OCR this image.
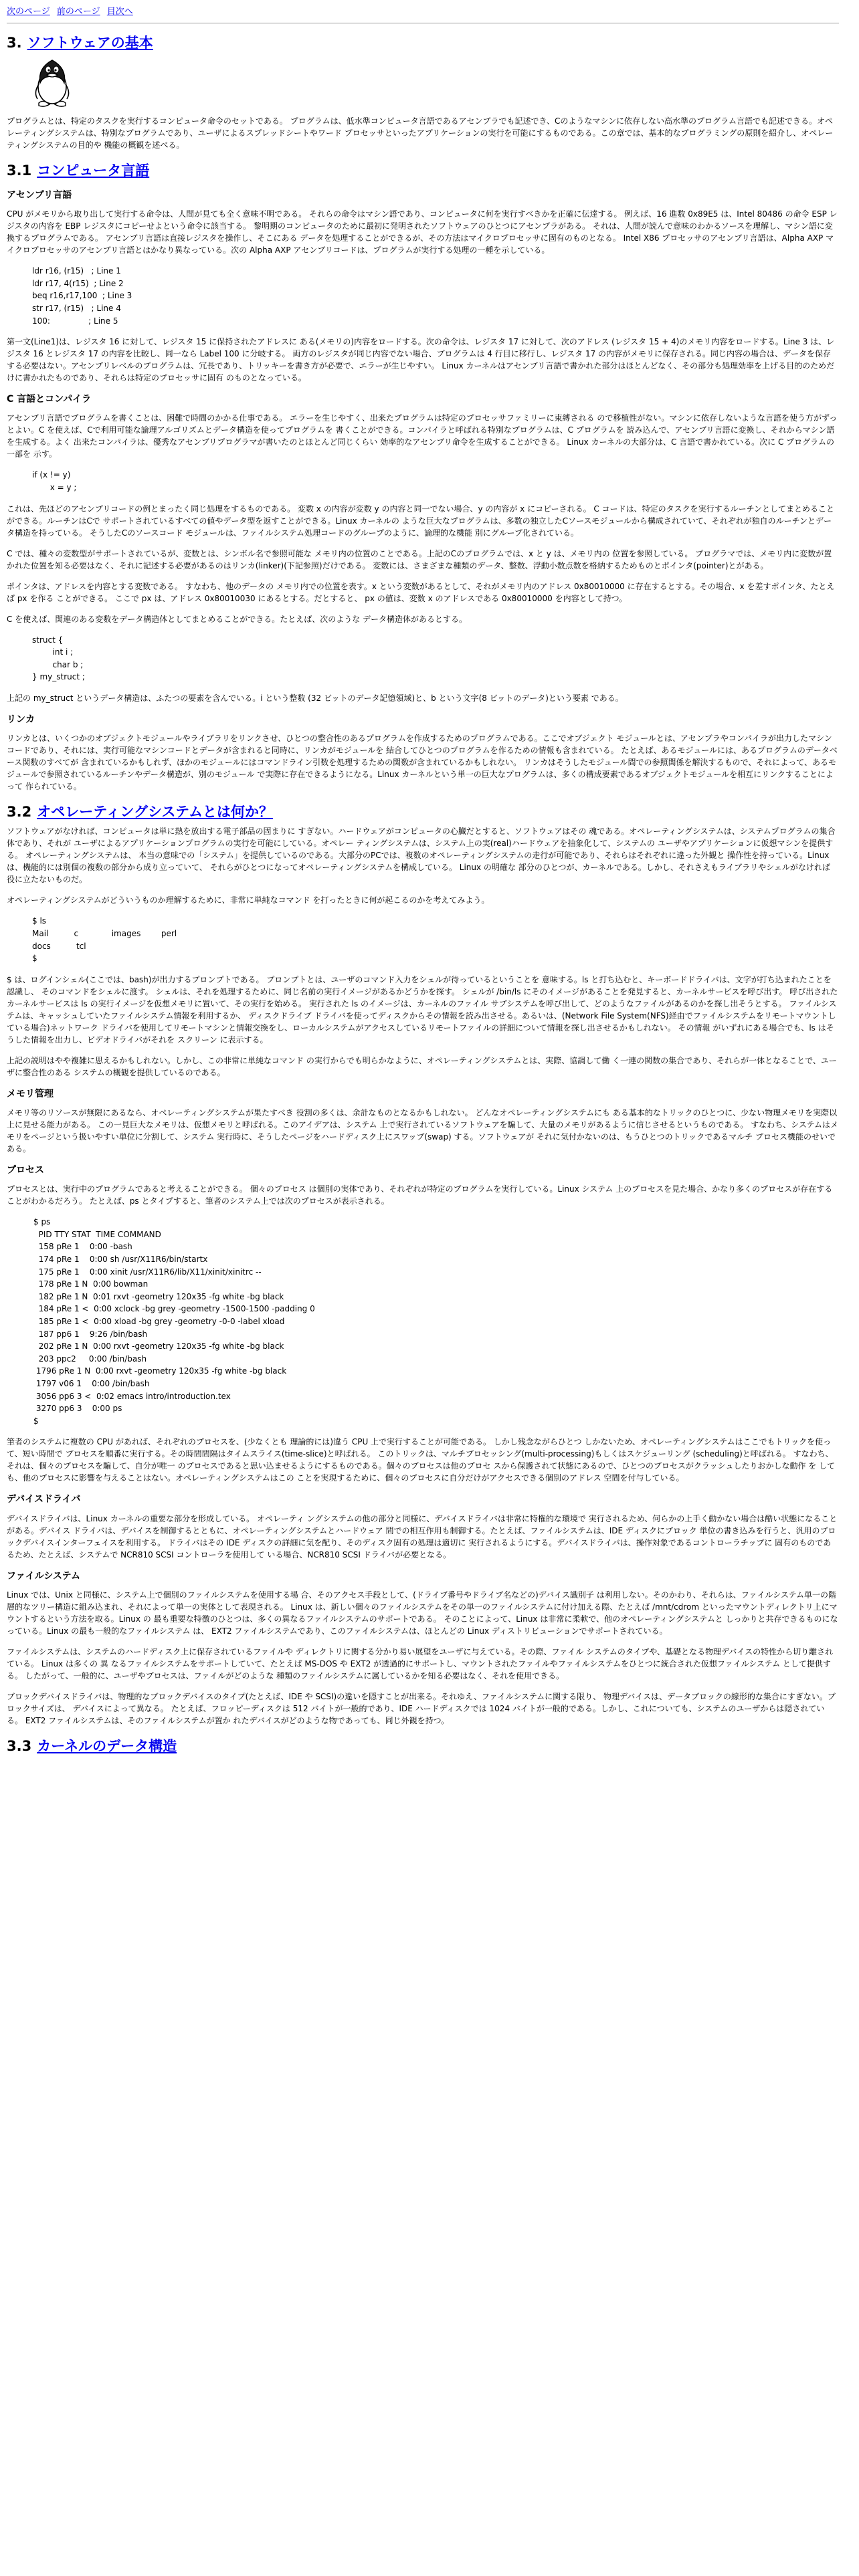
次のページ 前のページ 目次へ
3. ソフトウェアの基本

プログラムとは、特定のタスクを実行するコンピュータ命令のセットである。 プログラムは、低水準コンピュータ言語であるアセンブラでも記述でき、Cのようなマシンに依存しない高水準のプログラム言語でも記述できる。オペレーティングシステムは、特別なプログラムであり、ユーザによるスプレッドシートやワード プロセッサといったアプリケーションの実行を可能にするものである。この章では、基本的なプログラミングの原則を紹介し、オペレーティングシステムの目的や 機能の概観を述べる。

3.1 コンピュータ言語
アセンブリ言語

CPU がメモリから取り出して実行する命令は、人間が見ても全く意味不明である。 それらの命令はマシン語であり、コンピュータに何を実行すべきかを正確に伝達する。 例えば、16 進数 0x89E5 は、Intel 80486 の命令 ESP レジスタの内容を EBP レジスタにコピーせよという命令に該当する。 黎明期のコンピュータのために最初に発明されたソフトウェアのひとつにアセンブラがある。 それは、人間が読んで意味のわかるソースを理解し、マシン語に変換するプログラムである。 アセンブリ言語は直接レジスタを操作し、そこにある データを処理することができるが、その方法はマイクロプロセッサに固有のものとなる。 Intel X86 プロセッサのアセンブリ言語は、Alpha AXP マイクロプロセッサのアセンブリ言語とはかなり異なっている。次の Alpha AXP アセンブリコードは、プログラムが実行する処理の一種を示している。

ldr r16, (r15)   ; Line 1
ldr r17, 4(r15)  ; Line 2
beq r16,r17,100  ; Line 3
str r17, (r15)   ; Line 4
100:               ; Line 5

第一文(Line1)は、レジスタ 16 に対して、レジスタ 15 に保持されたアドレスに ある(メモリの)内容をロードする。次の命令は、レジスタ 17 に対して、次のアドレス (レジスタ 15 + 4)のメモリ内容をロードする。Line 3 は、レジスタ 16 とレジスタ 17 の内容を比較し、同一なら Label 100 に分岐する。 両方のレジスタが同じ内容でない場合、プログラムは 4 行目に移行し、レジスタ 17 の内容がメモリに保存される。同じ内容の場合は、データを保存する必要はない。アセンブリレベルのプログラムは、冗長であり、トリッキーを書き方が必要で、エラーが生じやすい。 Linux カーネルはアセンブリ言語で書かれた部分はほとんどなく、その部分も処理効率を上げる目的のためだけに書かれたものであり、それらは特定のプロセッサに固有 のものとなっている。

C 言語とコンパイラ

アセンブリ言語でプログラムを書くことは、困難で時間のかかる仕事である。 エラーを生じやすく、出来たプログラムは特定のプロセッサファミリーに束縛される ので移植性がない。マシンに依存しないような言語を使う方がずっとよい。C を使えば、Cで利用可能な論理アルゴリズムとデータ構造を使ってプログラムを 書くことができる。コンパイラと呼ばれる特別なプログラムは、C プログラムを 読み込んで、アセンブリ言語に変換し、それからマシン語を生成する。よく 出来たコンパイラは、優秀なアセンブリプログラマが書いたのとほとんど同じくらい 効率的なアセンブリ命令を生成することができる。 Linux カーネルの大部分は、C 言語で書かれている。次に C プログラムの一部を 示す。

if (x != y)
x = y ;

これは、先ほどのアセンブリコードの例とまったく同じ処理をするものである。 変数 x の内容が変数 y の内容と同一でない場合、y の内容が x にコピーされる。 C コードは、特定のタスクを実行するルーチンとしてまとめることができる。ルーチンはCで サポートされているすべての値やデータ型を返すことができる。Linux カーネルの ような巨大なプログラムは、多数の独立したCソースモジュールから構成されていて、それぞれが独自のルーチンとデータ構造を持っている。 そうしたCのソースコード モジュールは、ファイルシステム処理コードのグループのように、論理的な機能 別にグループ化されている。

C では、種々の変数型がサポートされているが、変数とは、シンボル名で参照可能な メモリ内の位置のことである。上記のCのプログラムでは、x と y は、メモリ内の 位置を参照している。 プログラマでは、メモリ内に変数が置かれた位置を知る必要はなく、それに記述する必要があるのはリンカ(linker)(下記参照)だけである。 変数には、さまざまな種類のデータ、整数、浮動小数点数を格納するためものとポインタ(pointer)とがある。

ポインタは、アドレスを内容とする変数である。 すなわち、他のデータの メモリ内での位置を表す。x という変数があるとして、それがメモリ内のアドレス 0x80010000 に存在するとする。その場合、x を差すポインタ、たとえば px を作る ことができる。 ここで px は、アドレス 0x80010030 にあるとする。だとすると、 px の値は、変数 x のアドレスである 0x80010000 を内容として持つ。

C を使えば、関連のある変数をデータ構造体としてまとめることができる。たとえば、次のような データ構造体があるとする。

struct {
int i ;
char b ;
} my_struct ;

上記の my_struct というデータ構造は、ふたつの要素を含んでいる。i という整数 (32 ビットのデータ記憶領域)と、b という文字(8 ビットのデータ)という要素 である。

リンカ

リンカとは、いくつかのオブジェクトモジュールやライブラリをリンクさせ、ひとつの整合性のあるプログラムを作成するためのプログラムである。ここでオブジェクト モジュールとは、アセンブラやコンパイラが出力したマシンコードであり、それには、実行可能なマシンコードとデータが含まれると同時に、リンカがモジュールを 結合してひとつのプログラムを作るための情報も含まれている。 たとえば、あるモジュールには、あるプログラムのデータベース関数のすべてが 含まれているかもしれず、ほかのモジュールにはコマンドライン引数を処理するための関数が含まれているかもしれない。 リンカはそうしたモジュール間での参照関係を解決するもので、それによって、あるモジュールで参照されているルーチンやデータ構造が、別のモジュール で実際に存在できるようになる。Linux カーネルという単一の巨大なプログラムは、多くの構成要素であるオブジェクトモジュールを相互にリンクすることによって 作られている。

3.2 オペレーティングシステムとは何か？

ソフトウェアがなければ、コンピュータは単に熱を放出する電子部品の固まりに すぎない。ハードウェアがコンピュータの心臓だとすると、ソフトウェアはその 魂である。オペレーティングシステムは、システムプログラムの集合体であり、それが ユーザによるアプリケーションプログラムの実行を可能にしている。オペレー ティングシステムは、システム上の実(real)ハードウェアを抽象化して、システムの ユーザやアプリケーションに仮想マシンを提供する。 オペレーティングシステムは、 本当の意味での「システム」を提供しているのである。大部分のPCでは、複数のオペレーティングシステムの走行が可能であり、それらはそれぞれに違った外観と 操作性を持っている。Linux は、機能的には別個の複数の部分から成り立っていて、 それらがひとつになってオペレーティングシステムを構成している。 Linux の明確な 部分のひとつが、カーネルである。しかし、それさえもライブラリやシェルがなければ 役に立たないものだ。

オペレーティングシステムがどういうものか理解するために、非常に単純なコマンド を打ったときに何が起こるのかを考えてみよう。

$ ls
Mail          c             images        perl
docs          tcl
$

$ は、ログインシェル(ここでは、bash)が出力するプロンプトである。 プロンプトとは、ユーザのコマンド入力をシェルが待っているということを 意味する。ls と打ち込むと、キーボードドライバは、文字が打ち込まれたことを認識し、 そのコマンドをシェルに渡す。 シェルは、それを処理するために、同じ名前の実行イメージがあるかどうかを探す。 シェルが /bin/ls にそのイメージがあることを発見すると、カーネルサービスを呼び出す。 呼び出されたカーネルサービスは ls の実行イメージを仮想メモリに置いて、その実行を始める。 実行された ls のイメージは、カーネルのファイル サブシステムを呼び出して、どのようなファイルがあるのかを探し出そうとする。 ファイルシステムは、キャッシュしていたファイルシステム情報を利用するか、 ディスクドライブ ドライバを使ってディスクからその情報を読み出させる。あるいは、(Network File System(NFS)経由でファイルシステムをリモートマウントしている場合)ネットワーク ドライバを使用してリモートマシンと情報交換をし、ローカルシステムがアクセスしているリモートファイルの詳細について情報を探し出させるかもしれない。 その情報 がいずれにある場合でも、ls はそうした情報を出力し、ビデオドライバがそれを スクリーン に表示する。

上記の説明はやや複雑に思えるかもしれない。しかし、この非常に単純なコマンド の実行からでも明らかなように、オペレーティングシステムとは、実際、協調して働 く一連の関数の集合であり、それらが一体となることで、ユーザに整合性のある システムの概観を提供しているのである。

メモリ管理

メモリ等のリソースが無限にあるなら、オペレーティングシステムが果たすべき 役割の多くは、余計なものとなるかもしれない。 どんなオペレーティングシステムにも ある基本的なトリックのひとつに、少ない物理メモリを実際以上に見せる能力がある。 この一見巨大なメモリは、仮想メモリと呼ばれる。このアイデアは、システム 上で実行されているソフトウェアを騙して、大量のメモリがあるように信じさせるというものである。 すなわち、システムはメモリをページという扱いやすい単位に分割して、システム 実行時に、そうしたページをハードディスク上にスワップ(swap) する。ソフトウェアが それに気付かないのは、もうひとつのトリックであるマルチ プロセス機能のせいである。

プロセス

プロセスとは、実行中のプログラムであると考えることができる。 個々のプロセス は個別の実体であり、それぞれが特定のプログラムを実行している。Linux システム 上のプロセスを見た場合、かなり多くのプロセスが存在することがわかるだろう。 たとえば、ps とタイプすると、筆者のシステム上では次のプロセスが表示される。

$ ps
PID TTY STAT  TIME COMMAND
158 pRe 1    0:00 -bash
174 pRe 1    0:00 sh /usr/X11R6/bin/startx
175 pRe 1    0:00 xinit /usr/X11R6/lib/X11/xinit/xinitrc --
178 pRe 1 N  0:00 bowman
182 pRe 1 N  0:01 rxvt -geometry 120x35 -fg white -bg black
184 pRe 1 <  0:00 xclock -bg grey -geometry -1500-1500 -padding 0
185 pRe 1 <  0:00 xload -bg grey -geometry -0-0 -label xload
187 pp6 1    9:26 /bin/bash
202 pRe 1 N  0:00 rxvt -geometry 120x35 -fg white -bg black
203 ppc2     0:00 /bin/bash
1796 pRe 1 N  0:00 rxvt -geometry 120x35 -fg white -bg black
1797 v06 1    0:00 /bin/bash
3056 pp6 3 <  0:02 emacs intro/introduction.tex
3270 pp6 3    0:00 ps
$

筆者のシステムに複数の CPU があれば、それぞれのプロセスを、(少なくとも 理論的には)違う CPU 上で実行することが可能である。 しかし残念ながらひとつ しかないため、オペレーティングシステムはここでもトリックを使って、短い時間で プロセスを順番に実行する。その時間間隔はタイムスライス(time-slice)と呼ばれる。 このトリックは、マルチプロセッシング(multi-processing)もしくはスケジューリング (scheduling)と呼ばれる。 すなわち、それは、個々のプロセスを騙して、自分が唯一 のプロセスであると思い込ませるようにするものである。個々のプロセスは他のプロセ スから保護されて状態にあるので、ひとつのプロセスがクラッシュしたりおかしな動作 を しても、他のプロセスに影響を与えることはない。オペレーティングシステムはこの ことを実現するために、個々のプロセスに自分だけがアクセスできる個別のアドレス 空間を付与している。

デバイスドライバ

デバイスドライバは、Linux カーネルの重要な部分を形成している。 オペレーティ ングシステムの他の部分と同様に、デバイスドライバは非常に特権的な環境で 実行されるため、何らかの上手く動かない場合は酷い状態になることがある。デバイス ドライバは、デバイスを制御するとともに、オペレーティングシステムとハードウェア 間での相互作用も制御する。たとえば、ファイルシステムは、IDE ディスクにブロック 単位の書き込みを行うと、汎用のブロックデバイスインターフェイスを利用する。 ドライバはその IDE ディスクの詳細に気を配り、そのディスク固有の処理は適切に 実行されるようにする。デバイスドライバは、操作対象であるコントローラチップに 固有のものであるため、たとえば、システムで NCR810 SCSI コントローラを使用して いる場合、NCR810 SCSI ドライバが必要となる。

ファイルシステム

Linux では、Unix と同様に、システム上で個別のファイルシステムを使用する場 合、そのアクセス手段として、(ドライブ番号やドライブ名などの)デバイス識別子 は利用しない。そのかわり、それらは、ファイルシステム単一の階層的なツリー構造に組み込まれ、それによって単一の実体として表現される。 Linux は、新しい個々のファイルシステムをその単一のファイルシステムに付け加える際、たとえば /mnt/cdrom といったマウントディレクトリ上にマウントするという方法を取る。Linux の 最も重要な特徴のひとつは、多くの異なるファイルシステムのサポートである。 そのことによって、Linux は非常に柔軟で、他のオペレーティングシステムと しっかりと共存できるものになっている。Linux の最も一般的なファイルシステム は、 EXT2 ファイルシステムであり、このファイルシステムは、ほとんどの Linux ディストリビューションでサポートされている。

ファイルシステムは、システムのハードディスク上に保存されているファイルや ディレクトリに関する分かり易い展望をユーザに与えている。その際、ファイル システムのタイプや、基礎となる物理デバイスの特性から切り離されている。 Linux は多くの 異 なるファイルシステムをサポートしていて、たとえば MS-DOS や EXT2 が透過的にサポートし、マウントされたファイルやファイルシステムをひとつに統合された仮想ファイルシステム として提供する。 したがって、一般的に、ユーザやプロセスは、ファイルがどのような 種類のファイルシステムに属しているかを知る必要はなく、それを使用できる。

ブロックデバイスドライバは、物理的なブロックデバイスのタイプ(たとえば、IDE や SCSI)の違いを隠すことが出来る。それゆえ、ファイルシステムに関する限り、 物理デバイスは、データブロックの線形的な集合にすぎない。ブロックサイズは、 デバイスによって異なる。 たとえば、フロッピーディスクは 512 バイトが一般的であり、IDE ハードディスクでは 1024 バイトが一般的である。しかし、これについても、システムのユーザからは隠されている。 EXT2 ファイルシステムは、そのファイルシステムが置か れたデバイスがどのような物であっても、同じ外観を持つ。

3.3 カーネルのデータ構造
